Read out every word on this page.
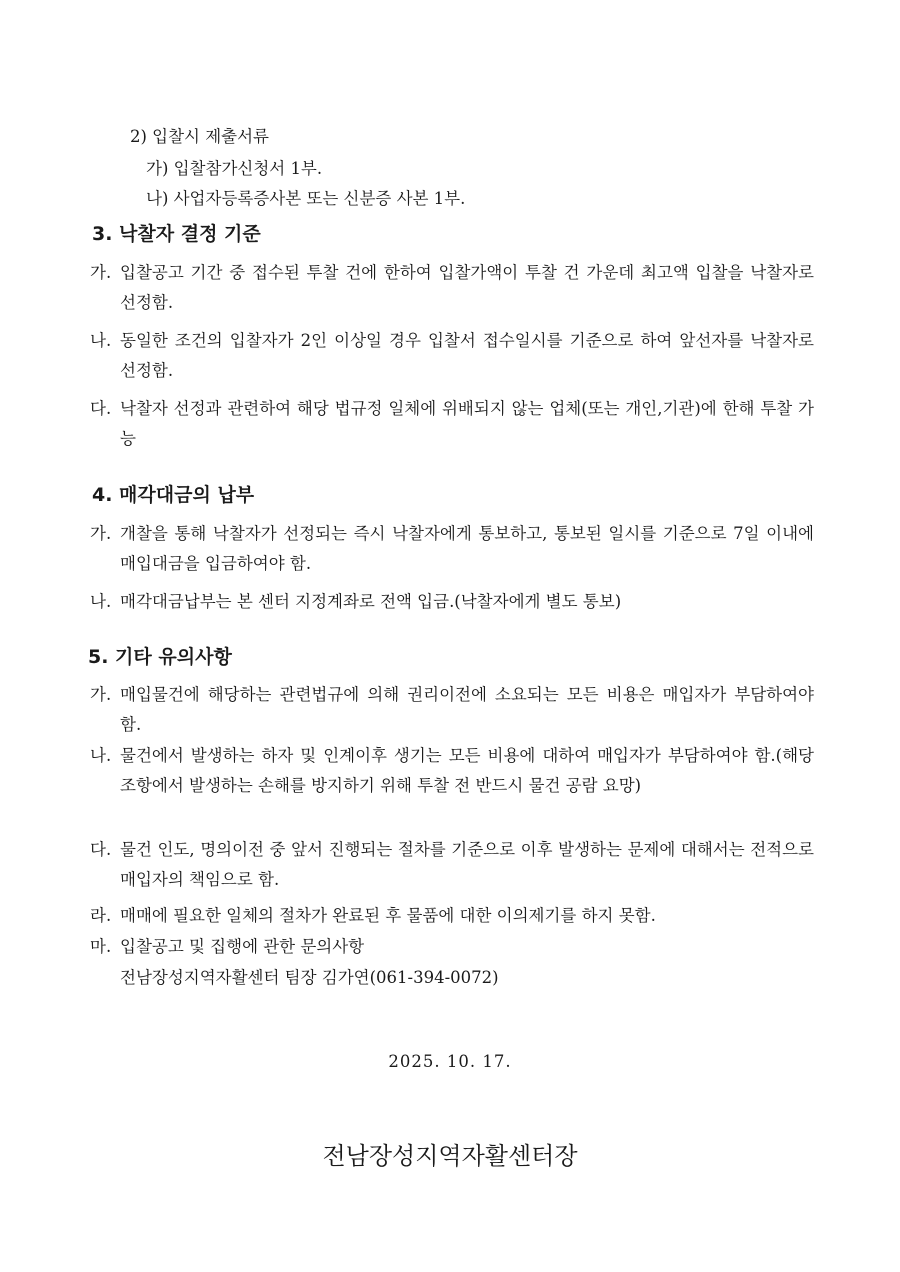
2) 입찰시 제출서류
가) 입찰참가신청서 1부.
나) 사업자등록증사본 또는 신분증 사본 1부.
3. 낙찰자 결정 기준
가. 입찰공고 기간 중 접수된 투찰 건에 한하여 입찰가액이 투찰 건 가운데 최고액 입찰을 낙찰자로 선정함.
나. 동일한 조건의 입찰자가 2인 이상일 경우 입찰서 접수일시를 기준으로 하여 앞선자를 낙찰자로 선정함.
다. 낙찰자 선정과 관련하여 해당 법규정 일체에 위배되지 않는 업체(또는 개인,기관)에 한해 투찰 가능
4. 매각대금의 납부
가. 개찰을 통해 낙찰자가 선정되는 즉시 낙찰자에게 통보하고, 통보된 일시를 기준으로 7일 이내에 매입대금을 입금하여야 함.
나. 매각대금납부는 본 센터 지정계좌로 전액 입금.(낙찰자에게 별도 통보)
5. 기타 유의사항
가. 매입물건에 해당하는 관련법규에 의해 권리이전에 소요되는 모든 비용은 매입자가 부담하여야 함.
나. 물건에서 발생하는 하자 및 인계이후 생기는 모든 비용에 대하여 매입자가 부담하여야 함.(해당 조항에서 발생하는 손해를 방지하기 위해 투찰 전 반드시 물건 공람 요망)
다. 물건 인도, 명의이전 중 앞서 진행되는 절차를 기준으로 이후 발생하는 문제에 대해서는 전적으로 매입자의 책임으로 함.
라. 매매에 필요한 일체의 절차가 완료된 후 물품에 대한 이의제기를 하지 못함.
마. 입찰공고 및 집행에 관한 문의사항
전남장성지역자활센터 팀장 김가연(061-394-0072)
2025. 10. 17.
전남장성지역자활센터장
